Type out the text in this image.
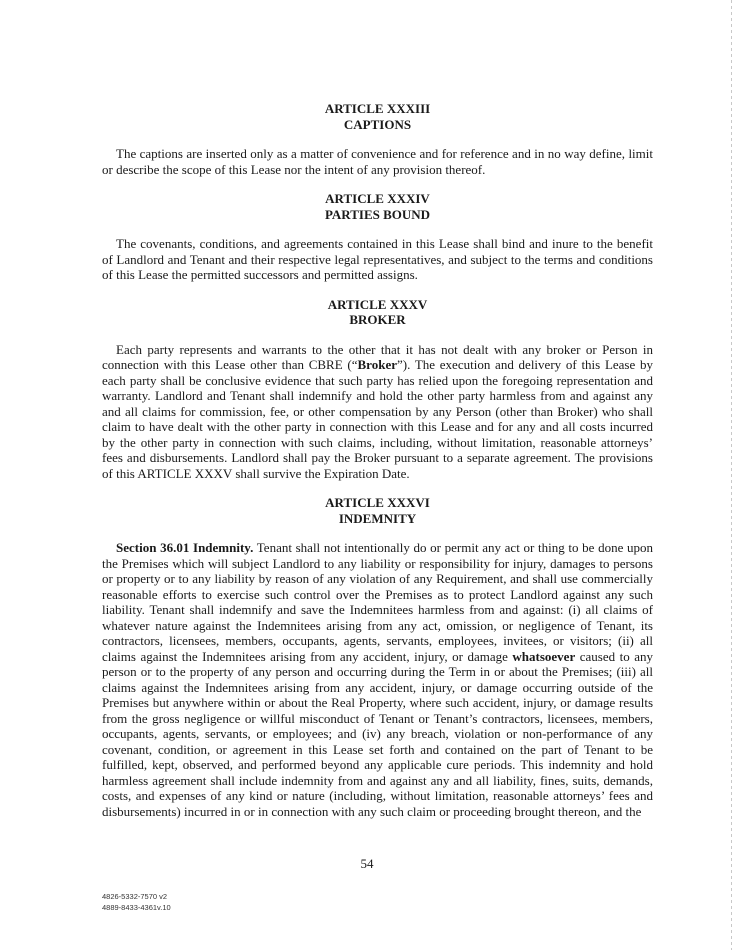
ARTICLE XXXIII
CAPTIONS

The captions are inserted only as a matter of convenience and for reference and in no way define, limit or describe the scope of this Lease nor the intent of any provision thereof.

ARTICLE XXXIV
PARTIES BOUND

The covenants, conditions, and agreements contained in this Lease shall bind and inure to the benefit of Landlord and Tenant and their respective legal representatives, and subject to the terms and conditions of this Lease the permitted successors and permitted assigns.

ARTICLE XXXV
BROKER

Each party represents and warrants to the other that it has not dealt with any broker or Person in connection with this Lease other than CBRE (“Broker”). The execution and delivery of this Lease by each party shall be conclusive evidence that such party has relied upon the foregoing representation and warranty. Landlord and Tenant shall indemnify and hold the other party harmless from and against any and all claims for commission, fee, or other compensation by any Person (other than Broker) who shall claim to have dealt with the other party in connection with this Lease and for any and all costs incurred by the other party in connection with such claims, including, without limitation, reasonable attorneys’ fees and disbursements. Landlord shall pay the Broker pursuant to a separate agreement. The provisions of this ARTICLE XXXV shall survive the Expiration Date.

ARTICLE XXXVI
INDEMNITY

Section 36.01 Indemnity. Tenant shall not intentionally do or permit any act or thing to be done upon the Premises which will subject Landlord to any liability or responsibility for injury, damages to persons or property or to any liability by reason of any violation of any Requirement, and shall use commercially reasonable efforts to exercise such control over the Premises as to protect Landlord against any such liability. Tenant shall indemnify and save the Indemnitees harmless from and against: (i) all claims of whatever nature against the Indemnitees arising from any act, omission, or negligence of Tenant, its contractors, licensees, members, occupants, agents, servants, employees, invitees, or visitors; (ii) all claims against the Indemnitees arising from any accident, injury, or damage whatsoever caused to any person or to the property of any person and occurring during the Term in or about the Premises; (iii) all claims against the Indemnitees arising from any accident, injury, or damage occurring outside of the Premises but anywhere within or about the Real Property, where such accident, injury, or damage results from the gross negligence or willful misconduct of Tenant or Tenant’s contractors, licensees, members, occupants, agents, servants, or employees; and (iv) any breach, violation or non-performance of any covenant, condition, or agreement in this Lease set forth and contained on the part of Tenant to be fulfilled, kept, observed, and performed beyond any applicable cure periods. This indemnity and hold harmless agreement shall include indemnity from and against any and all liability, fines, suits, demands, costs, and expenses of any kind or nature (including, without limitation, reasonable attorneys’ fees and disbursements) incurred in or in connection with any such claim or proceeding brought thereon, and the

54
4826-5332-7570 v2
4889-8433-4361v.10
